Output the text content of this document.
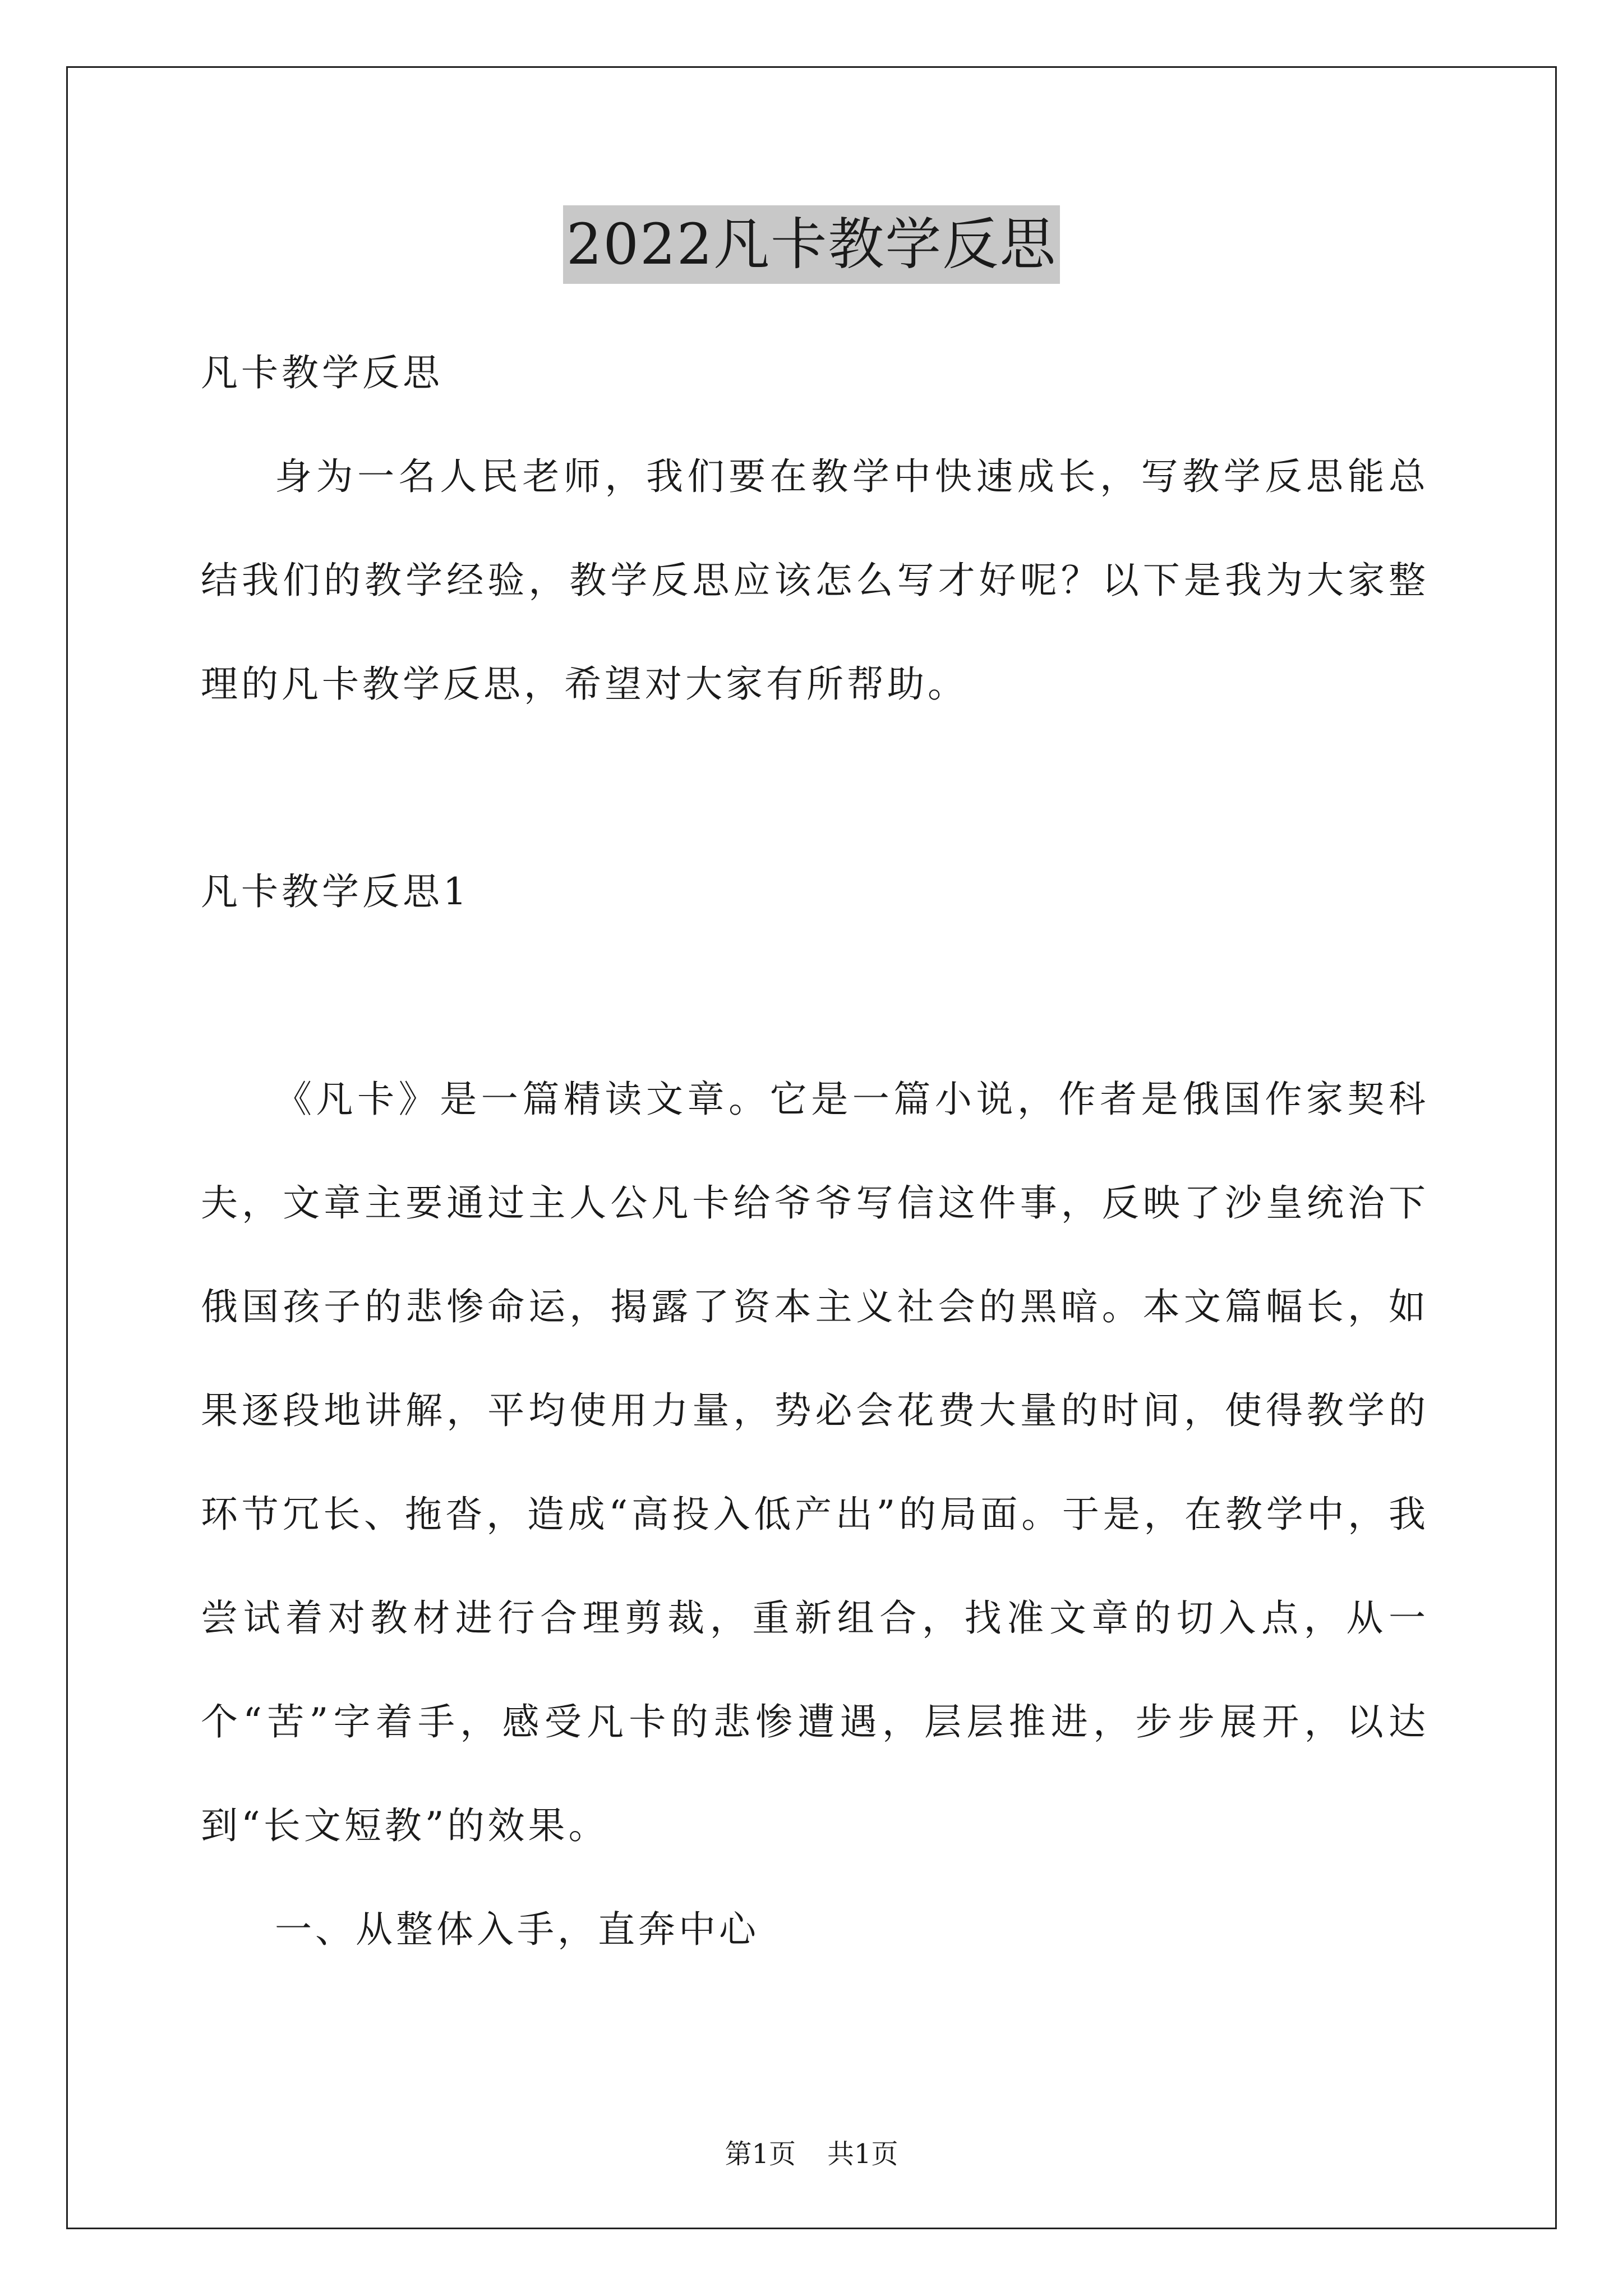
2022凡卡教学反思
凡卡教学反思
身为一名人民老师，我们要在教学中快速成长，写教学反思能总结我们的教学经验，教学反思应该怎么写才好呢？以下是我为大家整理的凡卡教学反思，希望对大家有所帮助。
凡卡教学反思1
《凡卡》是一篇精读文章。它是一篇小说，作者是俄国作家契科夫，文章主要通过主人公凡卡给爷爷写信这件事，反映了沙皇统治下俄国孩子的悲惨命运，揭露了资本主义社会的黑暗。本文篇幅长，如果逐段地讲解，平均使用力量，势必会花费大量的时间，使得教学的环节冗长、拖沓，造成“高投入低产出”的局面。于是，在教学中，我尝试着对教材进行合理剪裁，重新组合，找准文章的切入点，从一个“苦”字着手，感受凡卡的悲惨遭遇，层层推进，步步展开，以达到“长文短教”的效果。
一、从整体入手，直奔中心
第1页 共1页
